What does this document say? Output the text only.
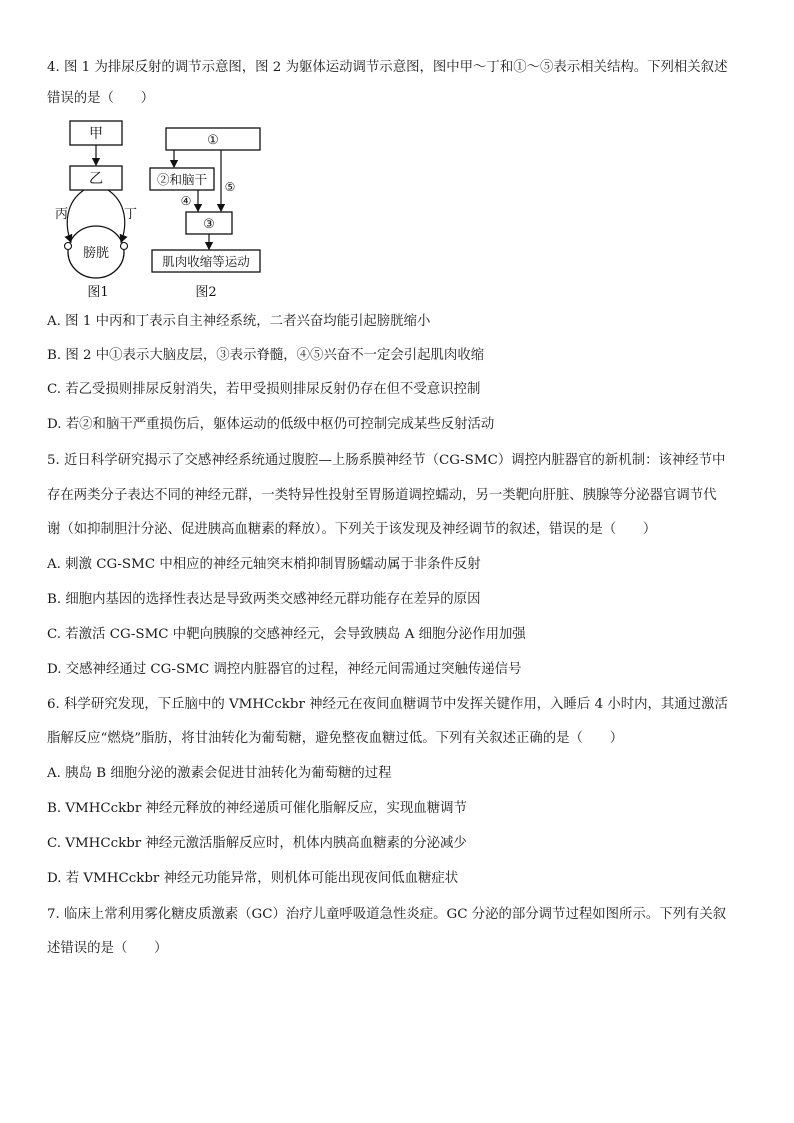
4. 图 1 为排尿反射的调节示意图，图 2 为躯体运动调节示意图，图中甲～丁和①～⑤表示相关结构。下列相关叙述
错误的是（　　）
甲
乙
丙	丁
膀胱
图1
①
②和脑干
④
⑤
③
肌肉收缩等运动
图2
A. 图 1 中丙和丁表示自主神经系统，二者兴奋均能引起膀胱缩小
B. 图 2 中①表示大脑皮层，③表示脊髓，④⑤兴奋不一定会引起肌肉收缩
C. 若乙受损则排尿反射消失，若甲受损则排尿反射仍存在但不受意识控制
D. 若②和脑干严重损伤后，躯体运动的低级中枢仍可控制完成某些反射活动
5. 近日科学研究揭示了交感神经系统通过腹腔—上肠系膜神经节（CG-SMC）调控内脏器官的新机制：该神经节中
存在两类分子表达不同的神经元群，一类特异性投射至胃肠道调控蠕动，另一类靶向肝脏、胰腺等分泌器官调节代
谢（如抑制胆汁分泌、促进胰高血糖素的释放）。下列关于该发现及神经调节的叙述，错误的是（　　）
A. 刺激 CG-SMC 中相应的神经元轴突末梢抑制胃肠蠕动属于非条件反射
B. 细胞内基因的选择性表达是导致两类交感神经元群功能存在差异的原因
C. 若激活 CG-SMC 中靶向胰腺的交感神经元，会导致胰岛 A 细胞分泌作用加强
D. 交感神经通过 CG-SMC 调控内脏器官的过程，神经元间需通过突触传递信号
6. 科学研究发现，下丘脑中的 VMHCckbr 神经元在夜间血糖调节中发挥关键作用，入睡后 4 小时内，其通过激活
脂解反应“燃烧”脂肪，将甘油转化为葡萄糖，避免整夜血糖过低。下列有关叙述正确的是（　　）
A. 胰岛 B 细胞分泌的激素会促进甘油转化为葡萄糖的过程
B. VMHCckbr 神经元释放的神经递质可催化脂解反应，实现血糖调节
C. VMHCckbr 神经元激活脂解反应时，机体内胰高血糖素的分泌减少
D. 若 VMHCckbr 神经元功能异常，则机体可能出现夜间低血糖症状
7. 临床上常利用雾化糖皮质激素（GC）治疗儿童呼吸道急性炎症。GC 分泌的部分调节过程如图所示。下列有关叙
述错误的是（　　）
